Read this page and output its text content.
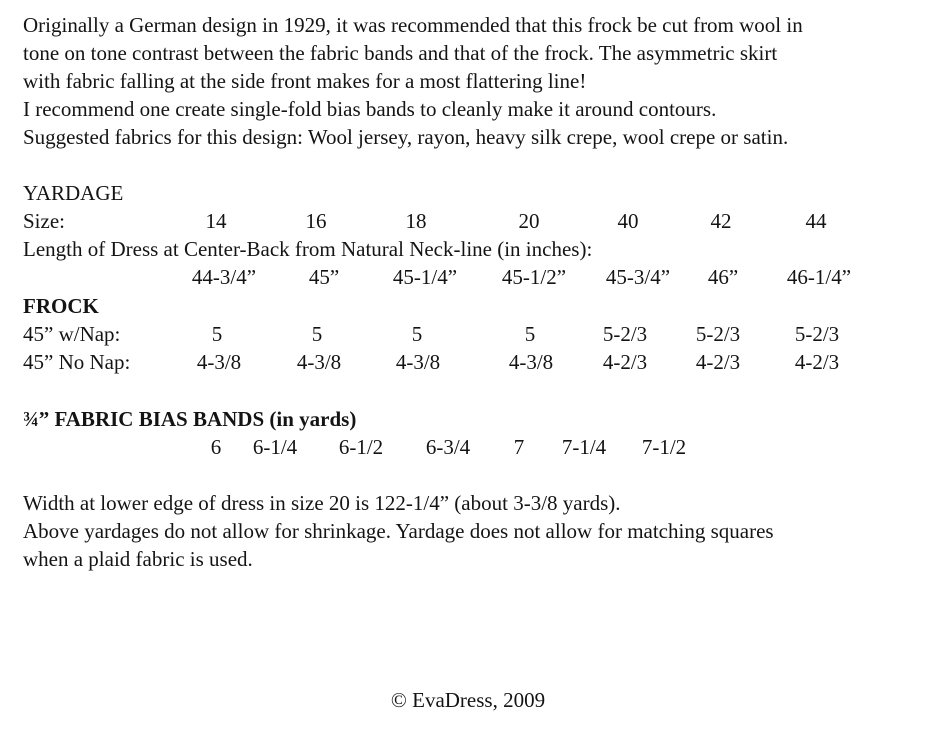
Originally a German design in 1929, it was recommended that this frock be cut from wool in
tone on tone contrast between the fabric bands and that of the frock. The asymmetric skirt
with fabric falling at the side front makes for a most flattering line!
I recommend one create single-fold bias bands to cleanly make it around contours.
Suggested fabrics for this design: Wool jersey, rayon, heavy silk crepe, wool crepe or satin.
YARDAGE
Size:	14	16	18	20	40	42	44
Length of Dress at Center-Back from Natural Neck-line (in inches):
44-3/4”	45”	45-1/4” 45-1/2” 45-3/4” 46” 46-1/4”
FROCK
45” w/Nap:	5	5	5	5	5-2/3 5-2/3	5-2/3
45” No Nap:	4-3/8	4-3/8	4-3/8	4-3/8 4-2/3 4-2/3	4-2/3
¾” FABRIC BIAS BANDS (in yards)
6 6-1/4 6-1/2 6-3/4 7 7-1/4 7-1/2
Width at lower edge of dress in size 20 is 122-1/4” (about 3-3/8 yards).
Above yardages do not allow for shrinkage. Yardage does not allow for matching squares
when a plaid fabric is used.
© EvaDress, 2009
